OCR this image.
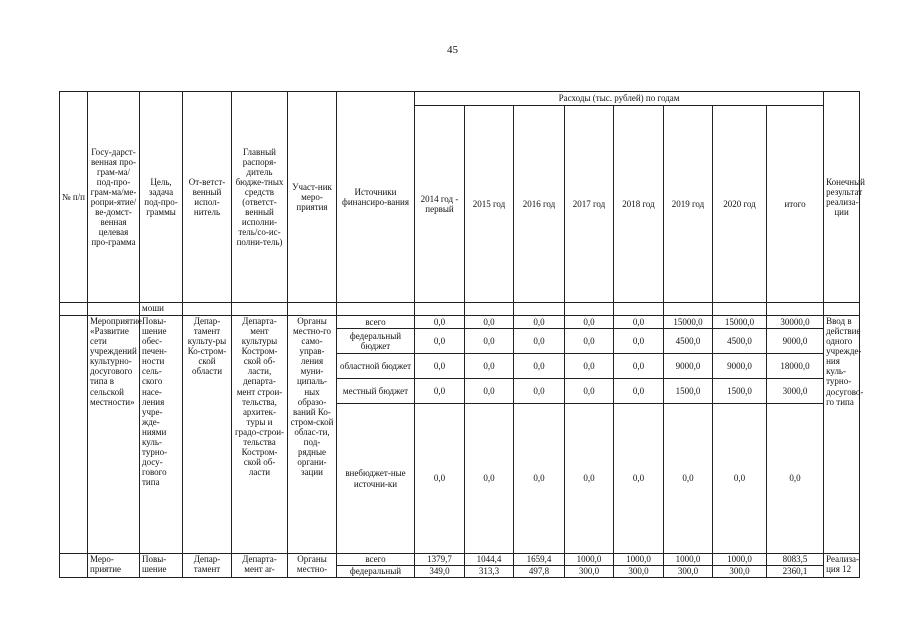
45
№ п/п	Госу-дарст-венная про-грам-ма/под-про-грам-ма/ме-ропри-ятие/ве-домст-венная целевая про-грамма	Цель, задача под-про-граммы	От-ветст-венный испол-нитель	Главный распоря-дитель бюдже-тных средств (ответст-венный исполни-тель/со-ис-полни-тель)	Участ-ник меро-приятия	Источники финансиро-вания	Расходы (тыс. рублей) по годам								Конечный результат реализа-ции
							2014 год - первый	2015 год	2016 год	2017 год	2018 год	2019 год	2020 год	итого	
		моши													
	Мероприятие «Развитие сети учреждений культурно-досугового типа в сельской местности»	Повы-шение обес-печен-ности сель-ского насе-ления учре-жде-ниями куль-турно-досу-гового типа	Депар-тамент культу-ры Ко-стром-ской области	Департа-мент культуры Костром-ской об-ласти, департа-мент строи-тельства, архитек-туры и градо-строи-тельства Костром-ской об-ласти	Органы местно-го само-управ-ления муни-ципаль-ных образо-ваний Ко-стром-ской облас-ти, под-рядные органи-зации	всего	0,0	0,0	0,0	0,0	0,0	15000,0	15000,0	30000,0	Ввод в действие одного учрежде-ния куль-турно-досугово-го типа
						федеральный бюджет	0,0	0,0	0,0	0,0	0,0	4500,0	4500,0	9000,0	
						областной бюджет	0,0	0,0	0,0	0,0	0,0	9000,0	9000,0	18000,0	
						местный бюджет	0,0	0,0	0,0	0,0	0,0	1500,0	1500,0	3000,0	
						внебюджет-ные источни-ки	0,0	0,0	0,0	0,0	0,0	0,0	0,0	0,0	
	Меро-приятие	Повы-шение	Депар-тамент	Департа-мент ar-	Органы местно-	всего	1379,7	1044,4	1659,4	1000,0	1000,0	1000,0	1000,0	8083,5	Реализа-
ция 12

						федеральный	349,0	313,3	497,8	300,0	300,0	300,0	300,0	2360,1	
